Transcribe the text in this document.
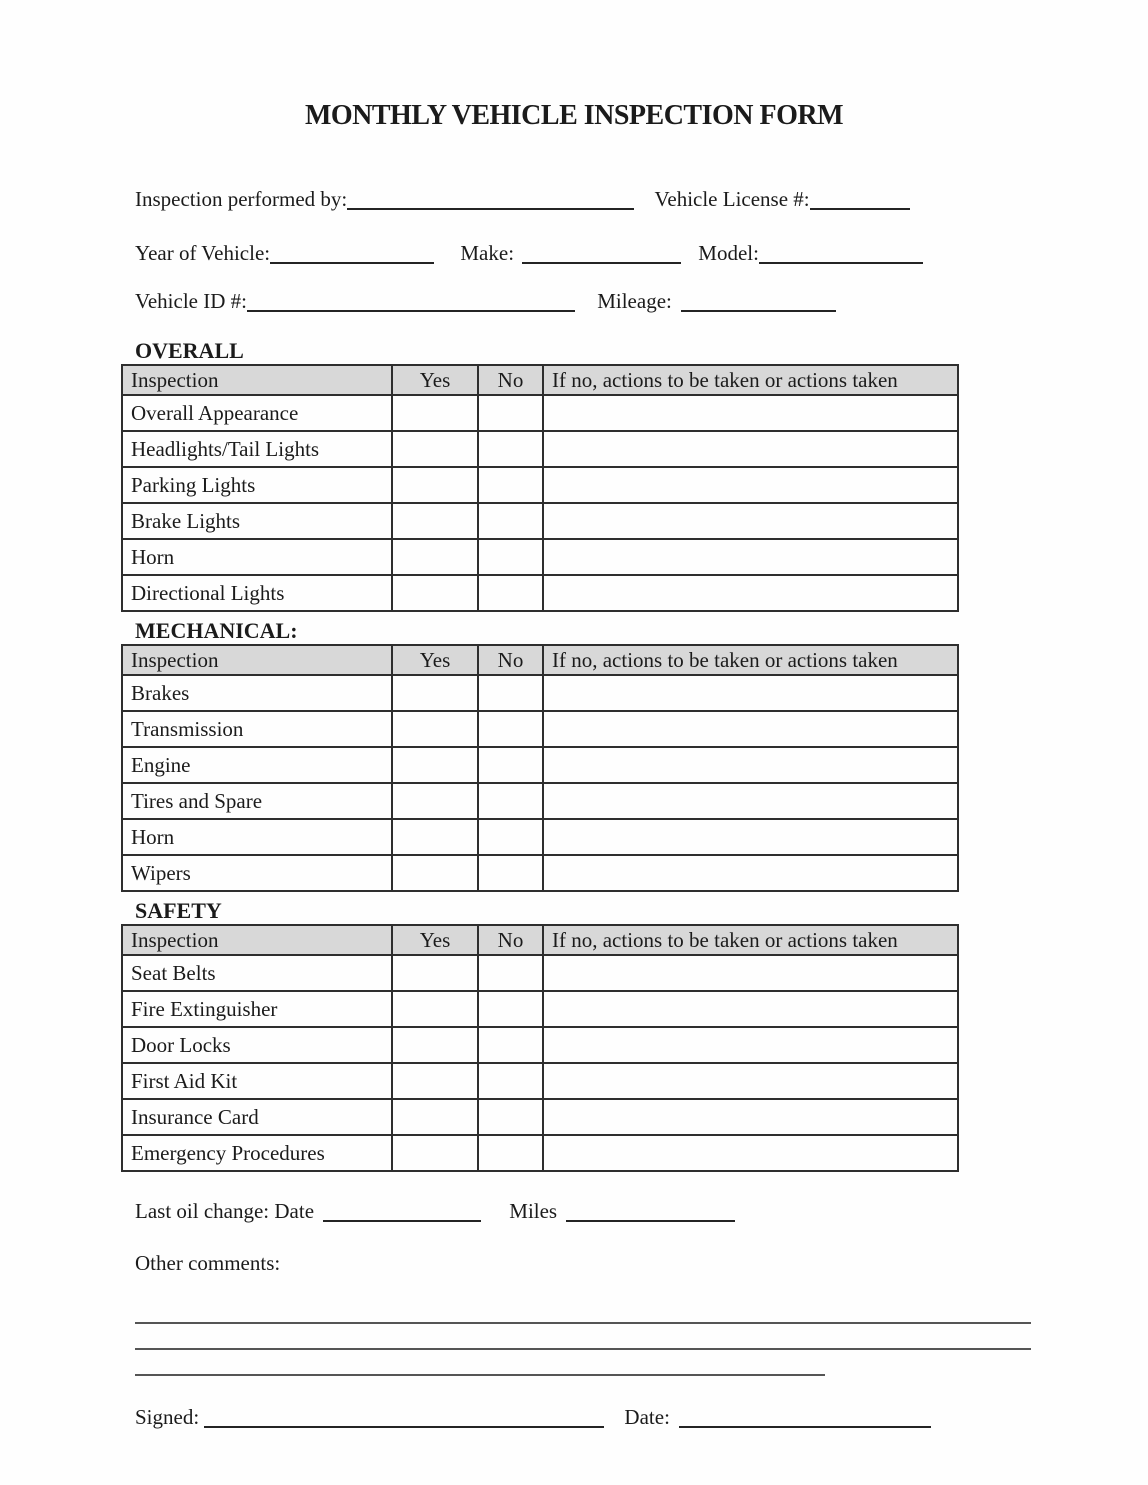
MONTHLY VEHICLE INSPECTION FORM
Inspection performed by:	Vehicle License #:
Year of Vehicle:	Make:	Model:
Vehicle ID #:	Mileage:
OVERALL
Inspection	Yes	No	If no, actions to be taken or actions taken
Overall Appearance			
Headlights/Tail Lights			
Parking Lights			
Brake Lights			
Horn			
Directional Lights			
MECHANICAL:
Inspection	Yes	No	If no, actions to be taken or actions taken
Brakes			
Transmission			
Engine			
Tires and Spare			
Horn			
Wipers			
SAFETY
Inspection	Yes	No	If no, actions to be taken or actions taken
Seat Belts			
Fire Extinguisher			
Door Locks			
First Aid Kit			
Insurance Card			
Emergency Procedures			
Last oil change: Date	Miles
Other comments:
Signed:	Date:
